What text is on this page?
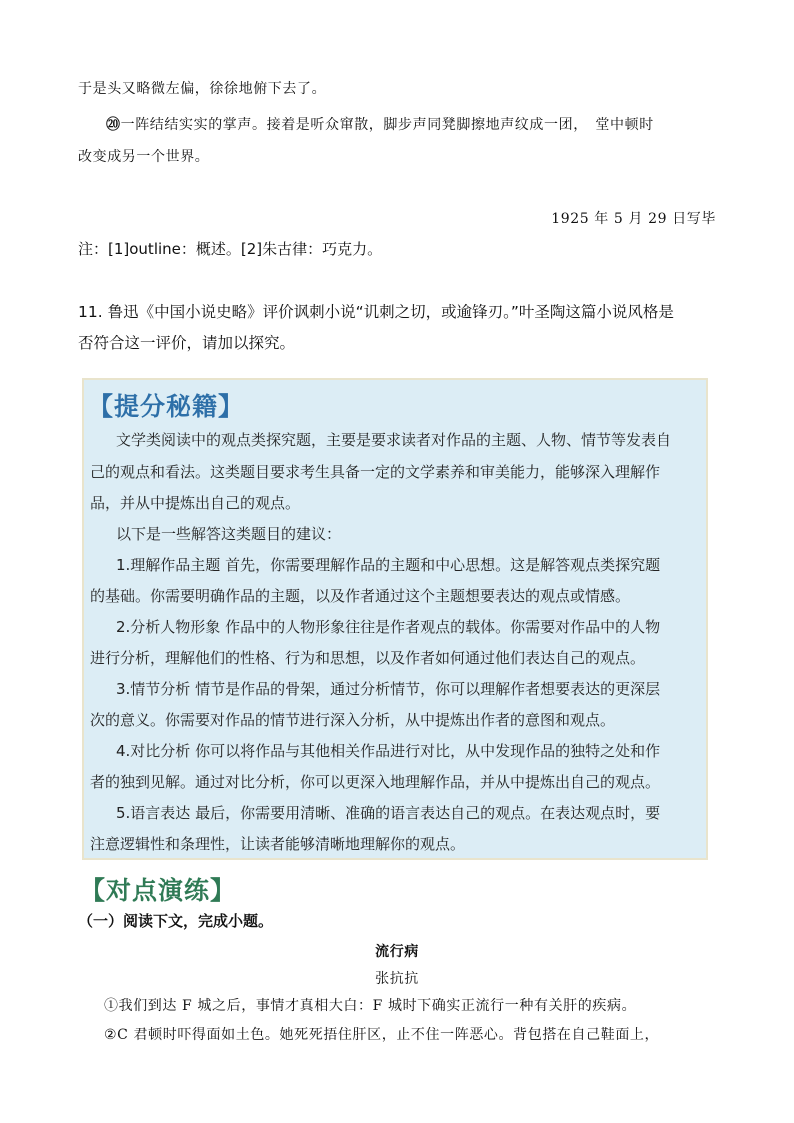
于是头又略微左偏，徐徐地俯下去了。
⑳一阵结结实实的掌声。接着是听众窜散，脚步声同凳脚擦地声纹成一团，　堂中顿时
改变成另一个世界。
1925 年 5 月 29 日写毕
注：[1]outline：概述。[2]朱古律：巧克力。
11. 鲁迅《中国小说史略》评价讽刺小说“讥刺之切，或逾锋刃。”叶圣陶这篇小说风格是
否符合这一评价，请加以探究。
【提分秘籍】
文学类阅读中的观点类探究题，主要是要求读者对作品的主题、人物、情节等发表自
己的观点和看法。这类题目要求考生具备一定的文学素养和审美能力，能够深入理解作
品，并从中提炼出自己的观点。
以下是一些解答这类题目的建议：
1.理解作品主题 首先，你需要理解作品的主题和中心思想。这是解答观点类探究题
的基础。你需要明确作品的主题，以及作者通过这个主题想要表达的观点或情感。
2.分析人物形象 作品中的人物形象往往是作者观点的载体。你需要对作品中的人物
进行分析，理解他们的性格、行为和思想，以及作者如何通过他们表达自己的观点。
3.情节分析 情节是作品的骨架，通过分析情节，你可以理解作者想要表达的更深层
次的意义。你需要对作品的情节进行深入分析，从中提炼出作者的意图和观点。
4.对比分析 你可以将作品与其他相关作品进行对比，从中发现作品的独特之处和作
者的独到见解。通过对比分析，你可以更深入地理解作品，并从中提炼出自己的观点。
5.语言表达 最后，你需要用清晰、准确的语言表达自己的观点。在表达观点时，要
注意逻辑性和条理性，让读者能够清晰地理解你的观点。
【对点演练】
（一）阅读下文，完成小题。
流行病
张抗抗
①我们到达 F 城之后，事情才真相大白：F 城时下确实正流行一种有关肝的疾病。
②C 君顿时吓得面如土色。她死死捂住肝区，止不住一阵恶心。背包搭在自己鞋面上，
